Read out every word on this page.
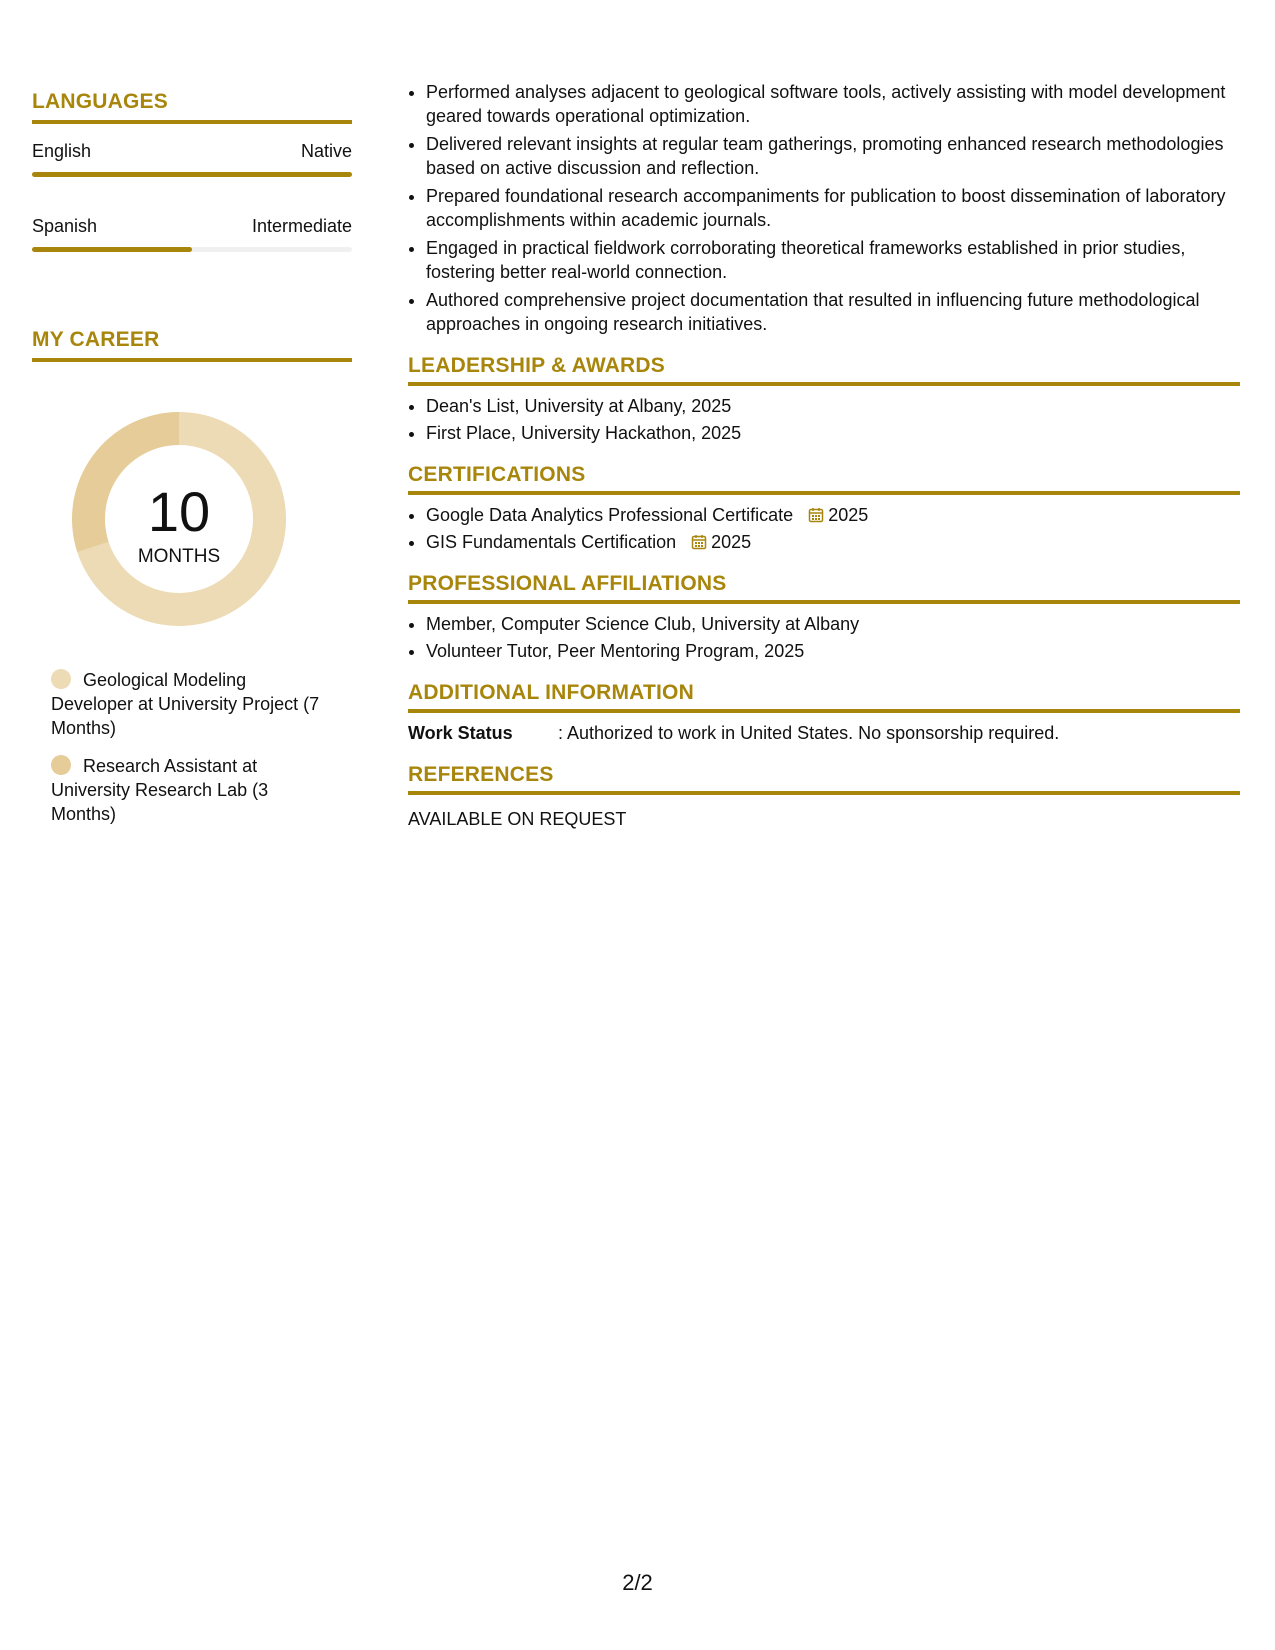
LANGUAGES
English	Native
Spanish	Intermediate
MY CAREER
10
MONTHS
Geological Modeling Developer at University Project (7 Months)
Research Assistant at University Research Lab (3 Months)
• Performed analyses adjacent to geological software tools, actively assisting with model development geared towards operational optimization.
• Delivered relevant insights at regular team gatherings, promoting enhanced research methodologies based on active discussion and reflection.
• Prepared foundational research accompaniments for publication to boost dissemination of laboratory accomplishments within academic journals.
• Engaged in practical fieldwork corroborating theoretical frameworks established in prior studies, fostering better real-world connection.
• Authored comprehensive project documentation that resulted in influencing future methodological approaches in ongoing research initiatives.
LEADERSHIP & AWARDS
• Dean's List, University at Albany, 2025
• First Place, University Hackathon, 2025
CERTIFICATIONS
• Google Data Analytics Professional Certificate 2025
• GIS Fundamentals Certification 2025
PROFESSIONAL AFFILIATIONS
• Member, Computer Science Club, University at Albany
• Volunteer Tutor, Peer Mentoring Program, 2025
ADDITIONAL INFORMATION
Work Status	: Authorized to work in United States. No sponsorship required.
REFERENCES
AVAILABLE ON REQUEST
2/2
